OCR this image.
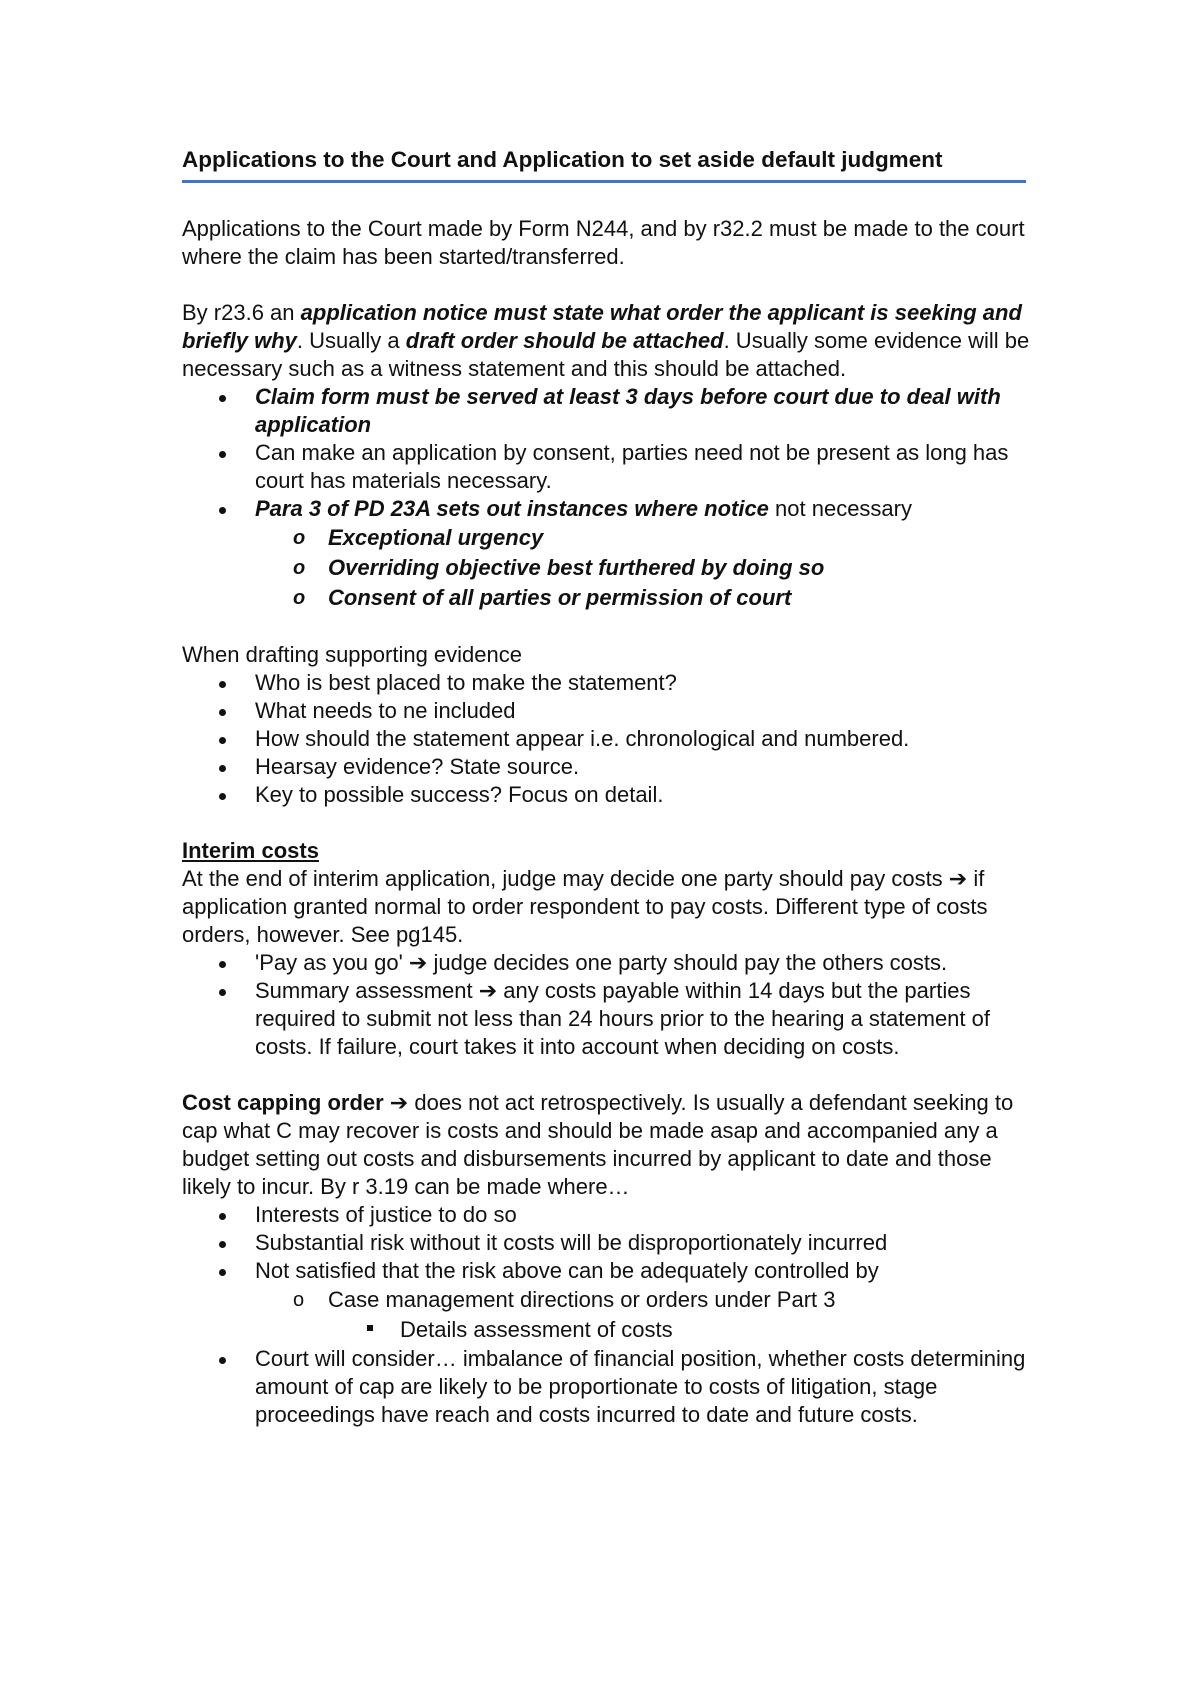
Applications to the Court and Application to set aside default judgment

Applications to the Court made by Form N244, and by r32.2 must be made to the court where the claim has been started/transferred.

By r23.6 an application notice must state what order the applicant is seeking and briefly why. Usually a draft order should be attached. Usually some evidence will be necessary such as a witness statement and this should be attached.

Claim form must be served at least 3 days before court due to deal with application
Can make an application by consent, parties need not be present as long has court has materials necessary.
Para 3 of PD 23A sets out instances where notice not necessary
o Exceptional urgency
o Overriding objective best furthered by doing so
o Consent of all parties or permission of court

When drafting supporting evidence

Who is best placed to make the statement?
What needs to ne included
How should the statement appear i.e. chronological and numbered.
Hearsay evidence? State source.
Key to possible success? Focus on detail.

Interim costs

At the end of interim application, judge may decide one party should pay costs ➔ if application granted normal to order respondent to pay costs. Different type of costs orders, however. See pg145.

'Pay as you go' ➔ judge decides one party should pay the others costs.
Summary assessment ➔ any costs payable within 14 days but the parties required to submit not less than 24 hours prior to the hearing a statement of costs. If failure, court takes it into account when deciding on costs.

Cost capping order ➔ does not act retrospectively. Is usually a defendant seeking to cap what C may recover is costs and should be made asap and accompanied any a budget setting out costs and disbursements incurred by applicant to date and those likely to incur. By r 3.19 can be made where…

Interests of justice to do so
Substantial risk without it costs will be disproportionately incurred
Not satisfied that the risk above can be adequately controlled by
o Case management directions or orders under Part 3
Details assessment of costs
Court will consider… imbalance of financial position, whether costs determining amount of cap are likely to be proportionate to costs of litigation, stage proceedings have reach and costs incurred to date and future costs.
